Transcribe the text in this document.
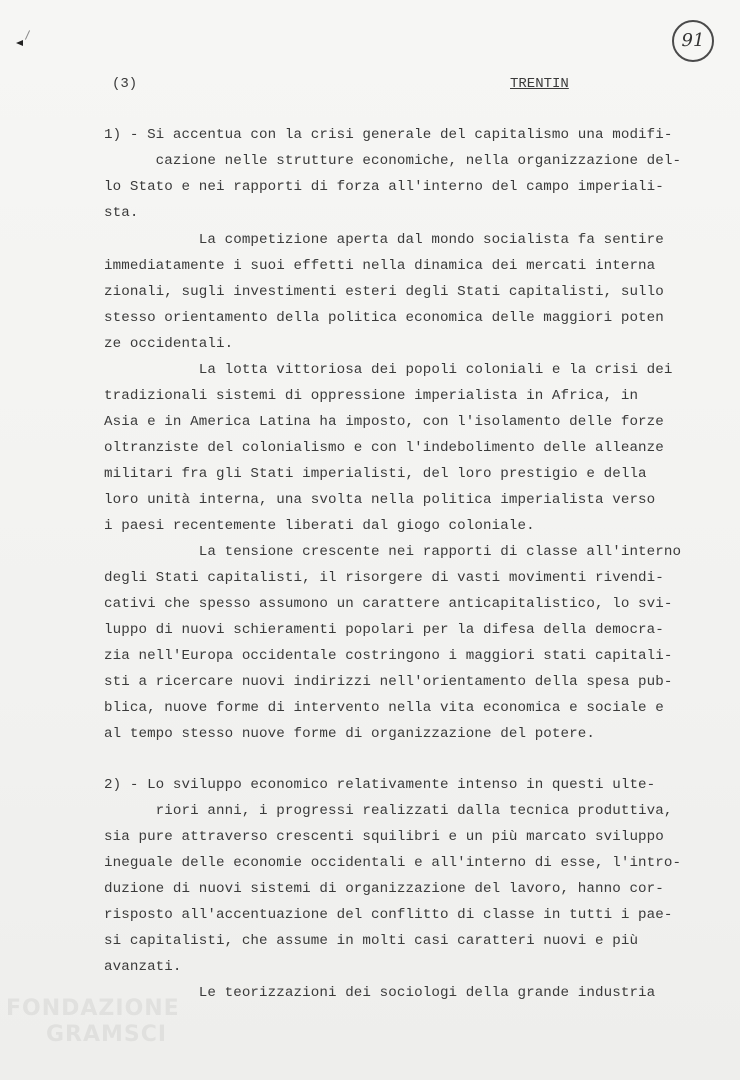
91
(3)	TRENTIN
1) - Si accentua con la crisi generale del capitalismo una modifi-
cazione nelle strutture economiche, nella organizzazione del-
lo Stato e nei rapporti di forza all'interno del campo imperiali-
sta.
La competizione aperta dal mondo socialista fa sentire
immediatamente i suoi effetti nella dinamica dei mercati interna
zionali, sugli investimenti esteri degli Stati capitalisti, sullo
stesso orientamento della politica economica delle maggiori poten
ze occidentali.
La lotta vittoriosa dei popoli coloniali e la crisi dei
tradizionali sistemi di oppressione imperialista in Africa, in
Asia e in America Latina ha imposto, con l'isolamento delle forze
oltranziste del colonialismo e con l'indebolimento delle alleanze
militari fra gli Stati imperialisti, del loro prestigio e della
loro unità interna, una svolta nella politica imperialista verso
i paesi recentemente liberati dal giogo coloniale.
La tensione crescente nei rapporti di classe all'interno
degli Stati capitalisti, il risorgere di vasti movimenti rivendi-
cativi che spesso assumono un carattere anticapitalistico, lo svi-
luppo di nuovi schieramenti popolari per la difesa della democra-
zia nell'Europa occidentale costringono i maggiori stati capitali-
sti a ricercare nuovi indirizzi nell'orientamento della spesa pub-
blica, nuove forme di intervento nella vita economica e sociale e
al tempo stesso nuove forme di organizzazione del potere.
2) - Lo sviluppo economico relativamente intenso in questi ulte-
riori anni, i progressi realizzati dalla tecnica produttiva,
sia pure attraverso crescenti squilibri e un più marcato sviluppo
ineguale delle economie occidentali e all'interno di esse, l'intro-
duzione di nuovi sistemi di organizzazione del lavoro, hanno cor-
risposto all'accentuazione del conflitto di classe in tutti i pae-
si capitalisti, che assume in molti casi caratteri nuovi e più
avanzati.
Le teorizzazioni dei sociologi della grande industria
FONDAZIONE
GRAMSCI
